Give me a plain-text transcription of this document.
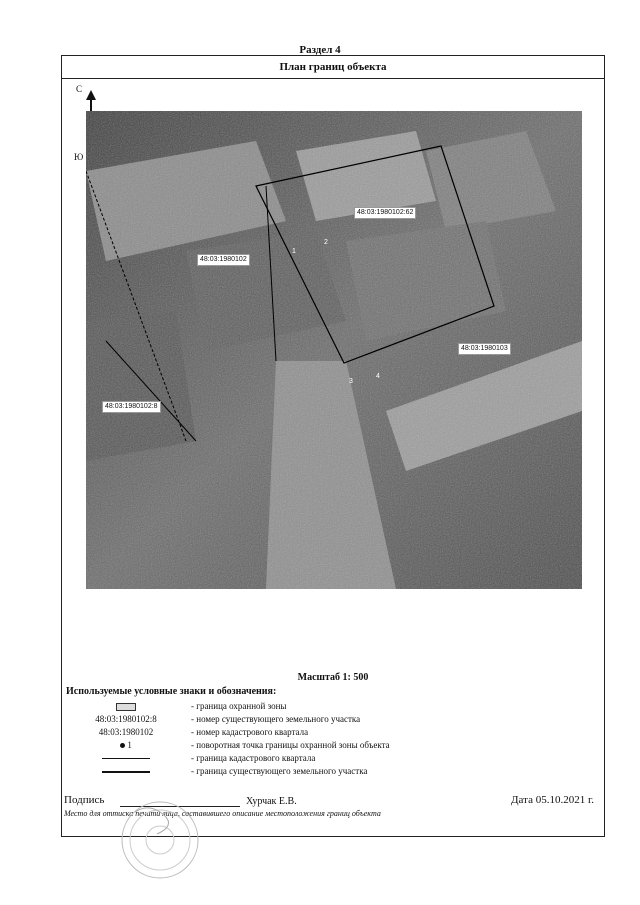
Раздел 4
План границ объекта
С
Ю
48:03:1980102:62
48:03:1980102
48:03:1980103
48:03:1980102:8
1
2
3
4
Масштаб 1: 500
Используемые условные знаки и обозначения:
- граница охранной зоны
48:03:1980102:8	- номер существующего земельного участка
48:03:1980102	- номер кадастрового квартала
1	- поворотная точка границы охранной зоны объекта
- граница кадастрового квартала
- граница существующего земельного участка
Подпись	Хурчак Е.В.	Дата 05.10.2021 г.
Место для оттиска печати лица, составившего описание местоположения границ объекта
